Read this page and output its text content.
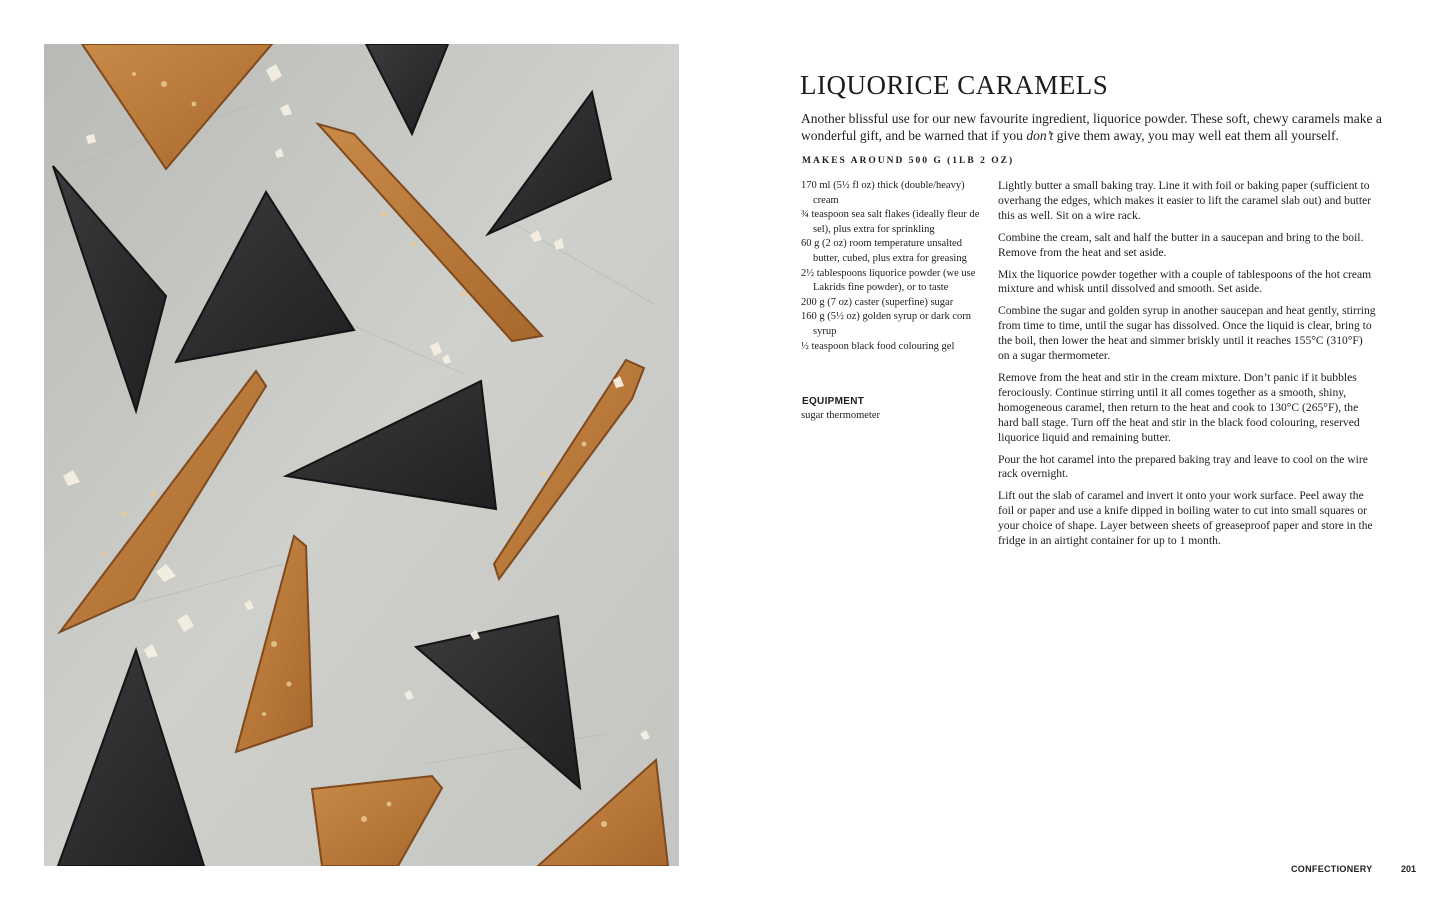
LIQUORICE CARAMELS

Another blissful use for our new favourite ingredient, liquorice powder. These soft, chewy caramels make a wonderful gift, and be warned that if you don’t give them away, you may well eat them all yourself.

MAKES AROUND 500 G (1LB 2 OZ)

170 ml (5½ fl oz) thick (double/heavy) cream
¾ teaspoon sea salt flakes (ideally fleur de sel), plus extra for sprinkling
60 g (2 oz) room temperature unsalted butter, cubed, plus extra for greasing
2½ tablespoons liquorice powder (we use Lakrids fine powder), or to taste
200 g (7 oz) caster (superfine) sugar
160 g (5½ oz) golden syrup or dark corn syrup
½ teaspoon black food colouring gel

EQUIPMENT

sugar thermometer

Lightly butter a small baking tray. Line it with foil or baking paper (sufficient to overhang the edges, which makes it easier to lift the caramel slab out) and butter this as well. Sit on a wire rack.

Combine the cream, salt and half the butter in a saucepan and bring to the boil. Remove from the heat and set aside.

Mix the liquorice powder together with a couple of tablespoons of the hot cream mixture and whisk until dissolved and smooth. Set aside.

Combine the sugar and golden syrup in another saucepan and heat gently, stirring from time to time, until the sugar has dissolved. Once the liquid is clear, bring to the boil, then lower the heat and simmer briskly until it reaches 155°C (310°F) on a sugar thermometer.

Remove from the heat and stir in the cream mixture. Don’t panic if it bubbles ferociously. Continue stirring until it all comes together as a smooth, shiny, homogeneous caramel, then return to the heat and cook to 130°C (265°F), the hard ball stage. Turn off the heat and stir in the black food colouring, reserved liquorice liquid and remaining butter.

Pour the hot caramel into the prepared baking tray and leave to cool on the wire rack overnight.

Lift out the slab of caramel and invert it onto your work surface. Peel away the foil or paper and use a knife dipped in boiling water to cut into small squares or your choice of shape. Layer between sheets of greaseproof paper and store in the fridge in an airtight container for up to 1 month.

CONFECTIONERY	201
